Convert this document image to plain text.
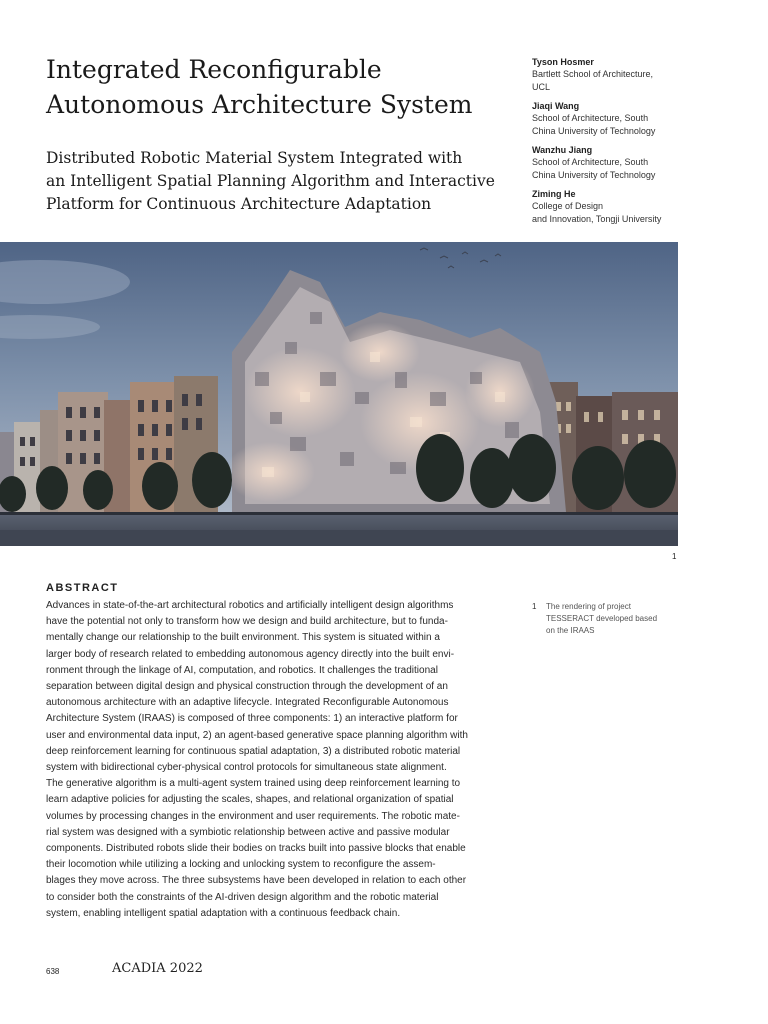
Integrated Reconfigurable
Autonomous Architecture System
Distributed Robotic Material System Integrated with
an Intelligent Spatial Planning Algorithm and Interactive
Platform for Continuous Architecture Adaptation
Tyson Hosmer
Bartlett School of Architecture,
UCL
Jiaqi Wang
School of Architecture, South
China University of Technology
Wanzhu Jiang
School of Architecture, South
China University of Technology
Ziming He
College of Design
and Innovation, Tongji University
1
ABSTRACT
Advances in state-of-the-art architectural robotics and artificially intelligent design algorithms
have the potential not only to transform how we design and build architecture, but to funda-
mentally change our relationship to the built environment. This system is situated within a
larger body of research related to embedding autonomous agency directly into the built envi-
ronment through the linkage of AI, computation, and robotics. It challenges the traditional
separation between digital design and physical construction through the development of an
autonomous architecture with an adaptive lifecycle. Integrated Reconfigurable Autonomous
Architecture System (IRAAS) is composed of three components: 1) an interactive platform for
user and environmental data input, 2) an agent-based generative space planning algorithm with
deep reinforcement learning for continuous spatial adaptation, 3) a distributed robotic material
system with bidirectional cyber-physical control protocols for simultaneous state alignment.
The generative algorithm is a multi-agent system trained using deep reinforcement learning to
learn adaptive policies for adjusting the scales, shapes, and relational organization of spatial
volumes by processing changes in the environment and user requirements. The robotic mate-
rial system was designed with a symbiotic relationship between active and passive modular
components. Distributed robots slide their bodies on tracks built into passive blocks that enable
their locomotion while utilizing a locking and unlocking system to reconfigure the assem-
blages they move across. The three subsystems have been developed in relation to each other
to consider both the constraints of the AI-driven design algorithm and the robotic material
system, enabling intelligent spatial adaptation with a continuous feedback chain.
1 The rendering of project
TESSERACT developed based
on the IRAAS
638	ACADIA 2022
